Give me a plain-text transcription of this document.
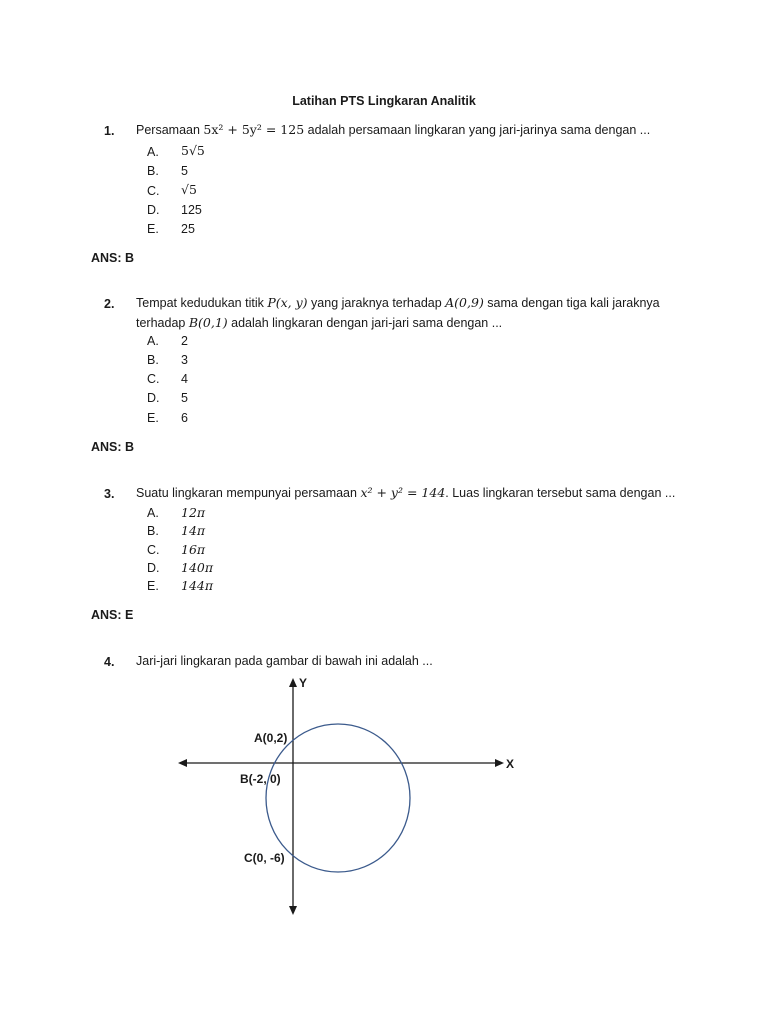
Latihan PTS Lingkaran Analitik
1. Persamaan 5x² + 5y² = 125 adalah persamaan lingkaran yang jari-jarinya sama dengan ...
A. 5√5
B. 5
C. √5
D. 125
E. 25
ANS: B
2. Tempat kedudukan titik P(x, y) yang jaraknya terhadap A(0,9) sama dengan tiga kali jaraknya
terhadap B(0,1) adalah lingkaran dengan jari-jari sama dengan ...
A. 2
B. 3
C. 4
D. 5
E. 6
ANS: B
3. Suatu lingkaran mempunyai persamaan x² + y² = 144. Luas lingkaran tersebut sama dengan ...
A. 12π
B. 14π
C. 16π
D. 140π
E. 144π
ANS: E
4. Jari-jari lingkaran pada gambar di bawah ini adalah ...
Y
X
A(0,2)
B(-2, 0)
C(0, -6)
